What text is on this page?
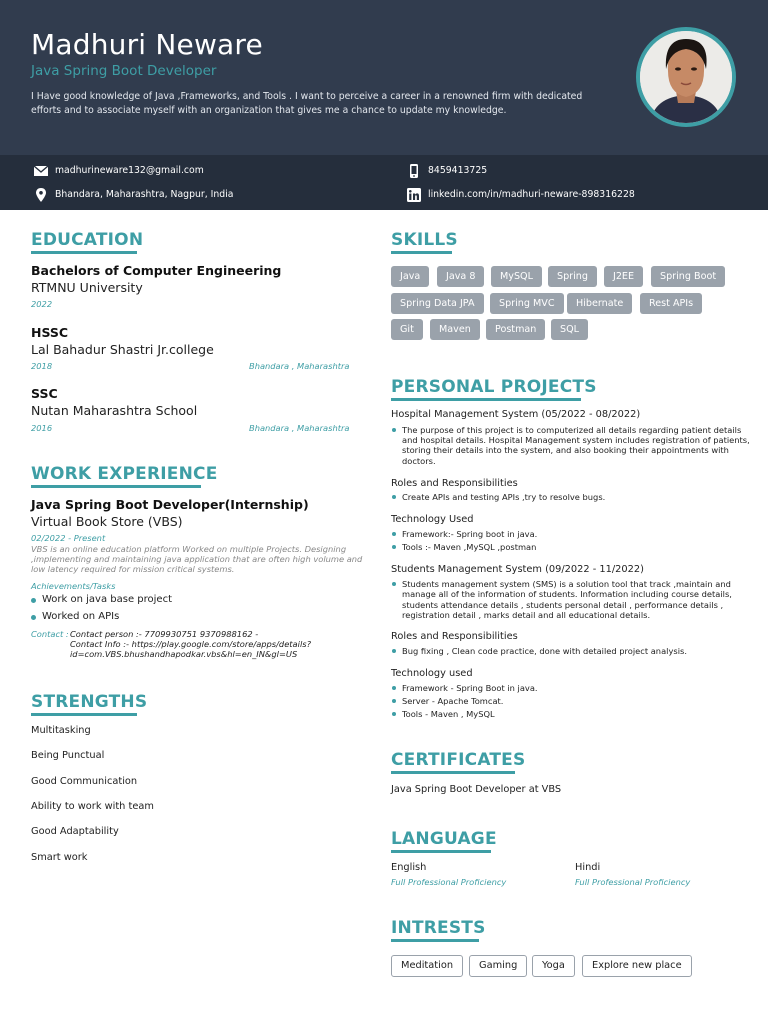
Madhuri Neware
Java Spring Boot Developer
I Have good knowledge of Java ,Frameworks, and Tools . I want to perceive a career in a renowned firm with dedicated efforts and to associate myself with an organization that gives me a chance to update my knowledge.
madhurineware132@gmail.com	8459413725
Bhandara, Maharashtra, Nagpur, India	linkedin.com/in/madhuri-neware-898316228
EDUCATION
Bachelors of Computer Engineering
RTMNU University
2022
HSSC
Lal Bahadur Shastri Jr.college
2018	Bhandara , Maharashtra
SSC
Nutan Maharashtra School
2016	Bhandara , Maharashtra
WORK EXPERIENCE
Java Spring Boot Developer(Internship)
Virtual Book Store (VBS)
02/2022 - Present
VBS is an online education platform Worked on multiple Projects. Designing
,implementing and maintaining java application that are often high volume and
low latency required for mission critical systems.
Achievements/Tasks
Work on java base project
Worked on APIs
Contact : Contact person :- 7709930751 9370988162 -
Contact Info :- https://play.google.com/store/apps/details?
id=com.VBS.bhushandhapodkar.vbs&hl=en_IN&gl=US
STRENGTHS
Multitasking
Being Punctual
Good Communication
Ability to work with team
Good Adaptability
Smart work
SKILLS
Java	Java 8	MySQL	Spring	J2EE	Spring Boot
Spring Data JPA	Spring MVC	Hibernate	Rest APIs
Git	Maven	Postman	SQL
PERSONAL PROJECTS
Hospital Management System (05/2022 - 08/2022)
The purpose of this project is to computerized all details regarding patient details
and hospital details. Hospital Management system includes registration of patients,
storing their details into the system, and also booking their appointments with
doctors.
Roles and Responsibilities
Create APIs and testing APIs ,try to resolve bugs.
Technology Used
Framework:- Spring boot in java.
Tools :- Maven ,MySQL ,postman
Students Management System (09/2022 - 11/2022)
Students management system (SMS) is a solution tool that track ,maintain and
manage all of the information of students. Information including course details,
students attendance details , students personal detail , performance details ,
registration detail , marks detail and all educational details.
Roles and Responsibilities
Bug fixing , Clean code practice, done with detailed project analysis.
Technology used
Framework - Spring Boot in java.
Server - Apache Tomcat.
Tools - Maven , MySQL
CERTIFICATES
Java Spring Boot Developer at VBS
LANGUAGE
English
Full Professional Proficiency
Hindi
Full Professional Proficiency
INTRESTS
Meditation	Gaming	Yoga	Explore new place
